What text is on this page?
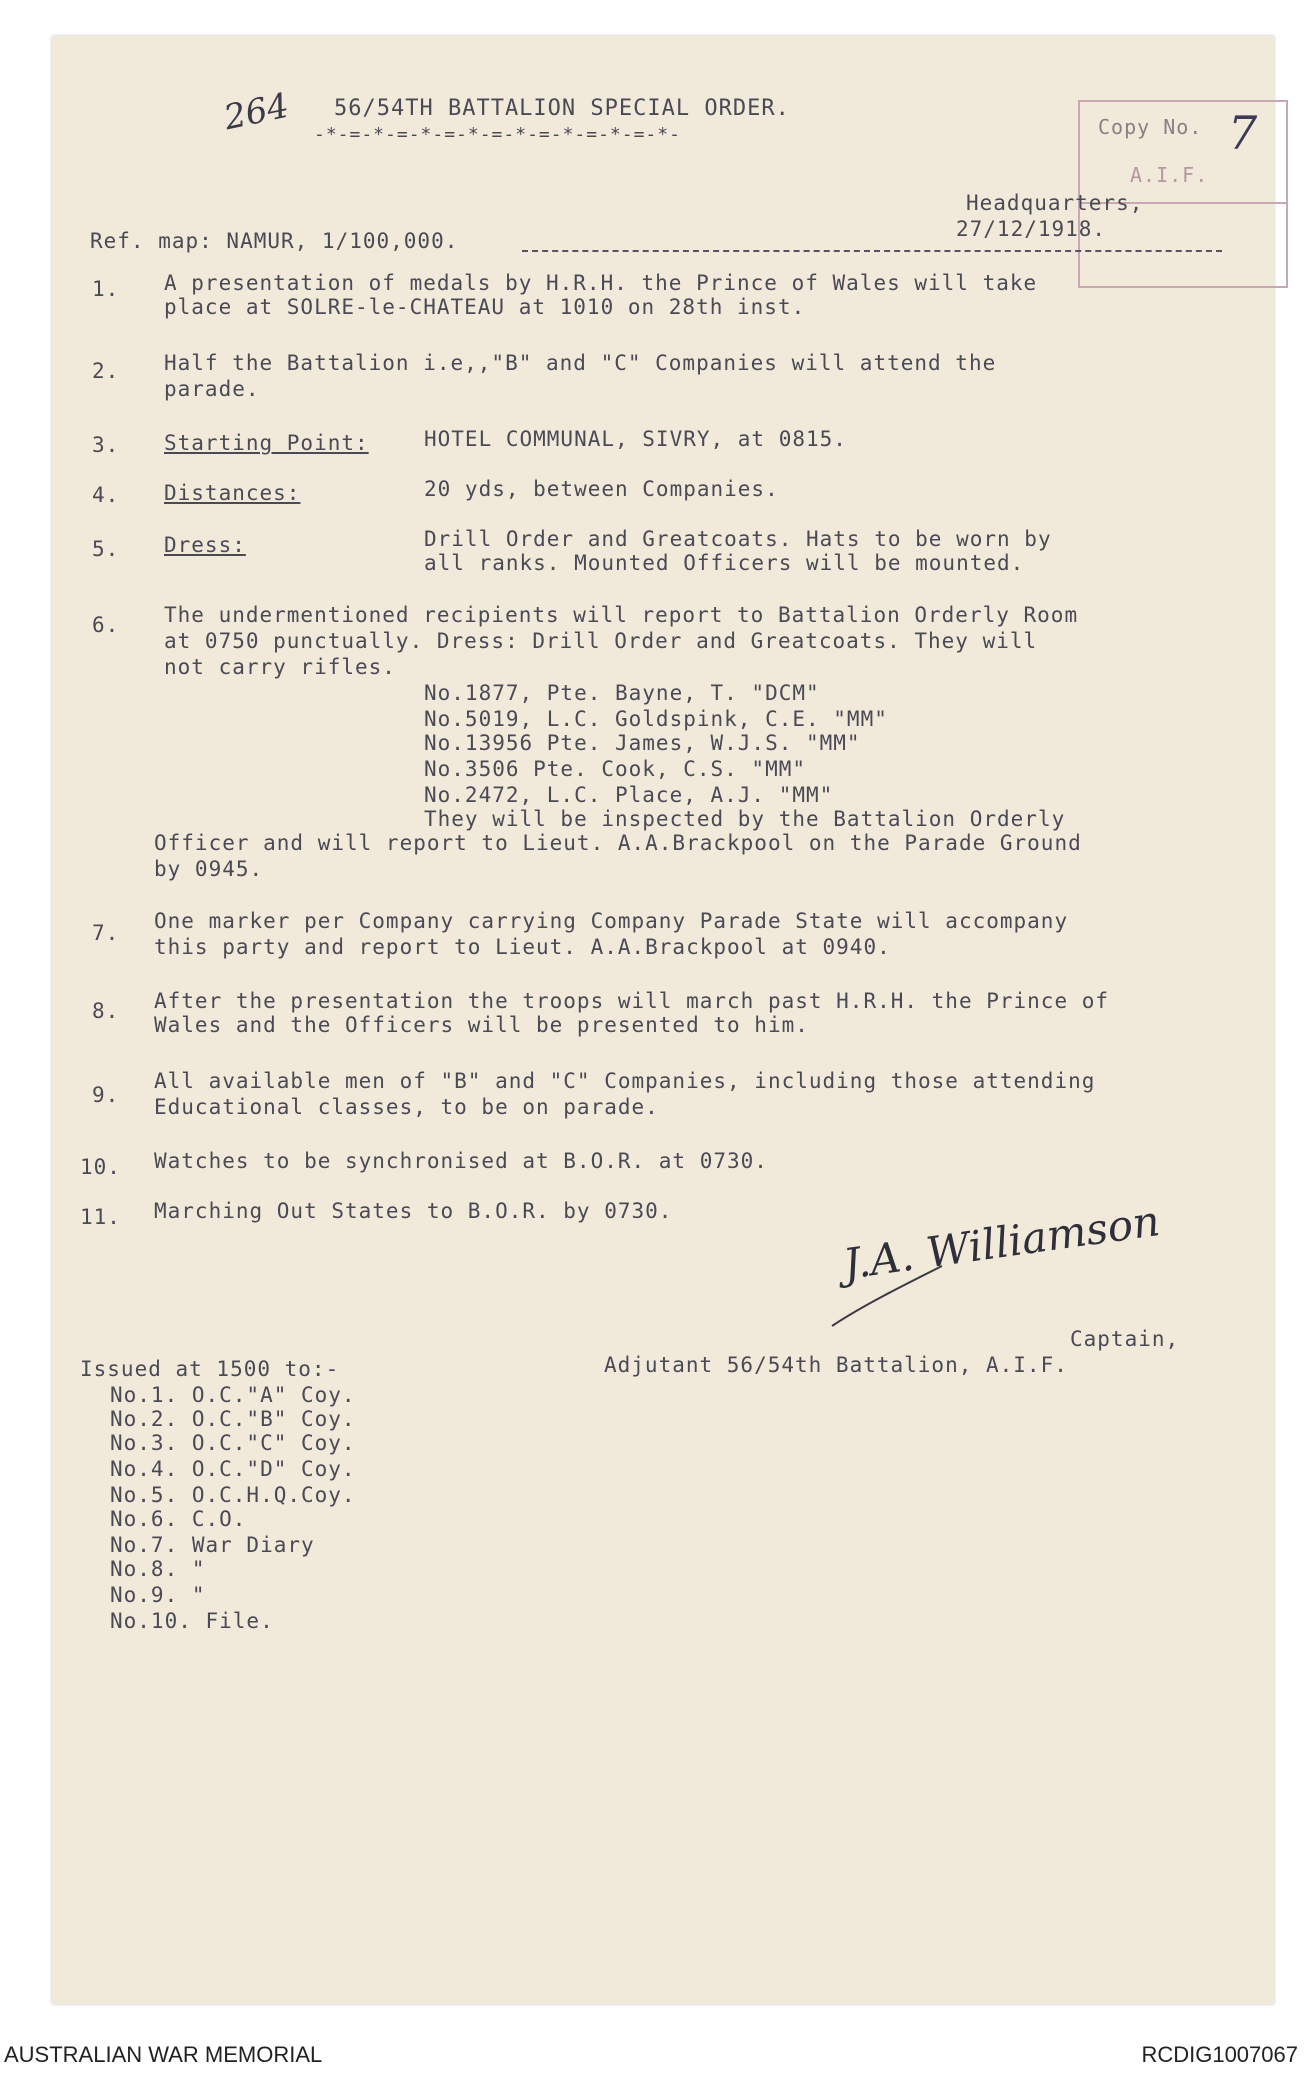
264 56/54TH BATTALION SPECIAL ORDER.
-*-=-*-=-*-=-*-=-*-=-*-=-*-=-*-	Copy No. 7
A.I.F.
Headquarters,
27/12/1918.
Ref. map: NAMUR, 1/100,000.
1. A presentation of medals by H.R.H. the Prince of Wales will take
place at SOLRE-le-CHATEAU at 1010 on 28th inst.
2. Half the Battalion i.e,,"B" and "C" Companies will attend the
parade.
3. Starting Point:	HOTEL COMMUNAL, SIVRY, at 0815.
4. Distances:	20 yds, between Companies.
5. Dress:	Drill Order and Greatcoats. Hats to be worn by
all ranks. Mounted Officers will be mounted.
6. The undermentioned recipients will report to Battalion Orderly Room
at 0750 punctually. Dress: Drill Order and Greatcoats. They will
not carry rifles.
No.1877, Pte. Bayne, T. "DCM"
No.5019, L.C. Goldspink, C.E. "MM"
No.13956 Pte. James, W.J.S. "MM"
No.3506 Pte. Cook, C.S. "MM"
No.2472, L.C. Place, A.J. "MM"
They will be inspected by the Battalion Orderly
Officer and will report to Lieut. A.A.Brackpool on the Parade Ground
by 0945.
7. One marker per Company carrying Company Parade State will accompany
this party and report to Lieut. A.A.Brackpool at 0940.
8. After the presentation the troops will march past H.R.H. the Prince of
Wales and the Officers will be presented to him.
9.
All available men of "B" and "C" Companies, including those attending
Educational classes, to be on parade.
10. Watches to be synchronised at B.O.R. at 0730.
11. Marching Out States to B.O.R. by 0730.	J.A. Williamson
Captain,
Adjutant 56/54th Battalion, A.I.F.
Issued at 1500 to:-
No.1. O.C."A" Coy.
No.2. O.C."B" Coy.
No.3. O.C."C" Coy.
No.4. O.C."D" Coy.
No.5. O.C.H.Q.Coy.
No.6. C.O.
No.7. War Diary
No.8. "
No.9. "
No.10. File.
AUSTRALIAN WAR MEMORIAL	RCDIG1007067
